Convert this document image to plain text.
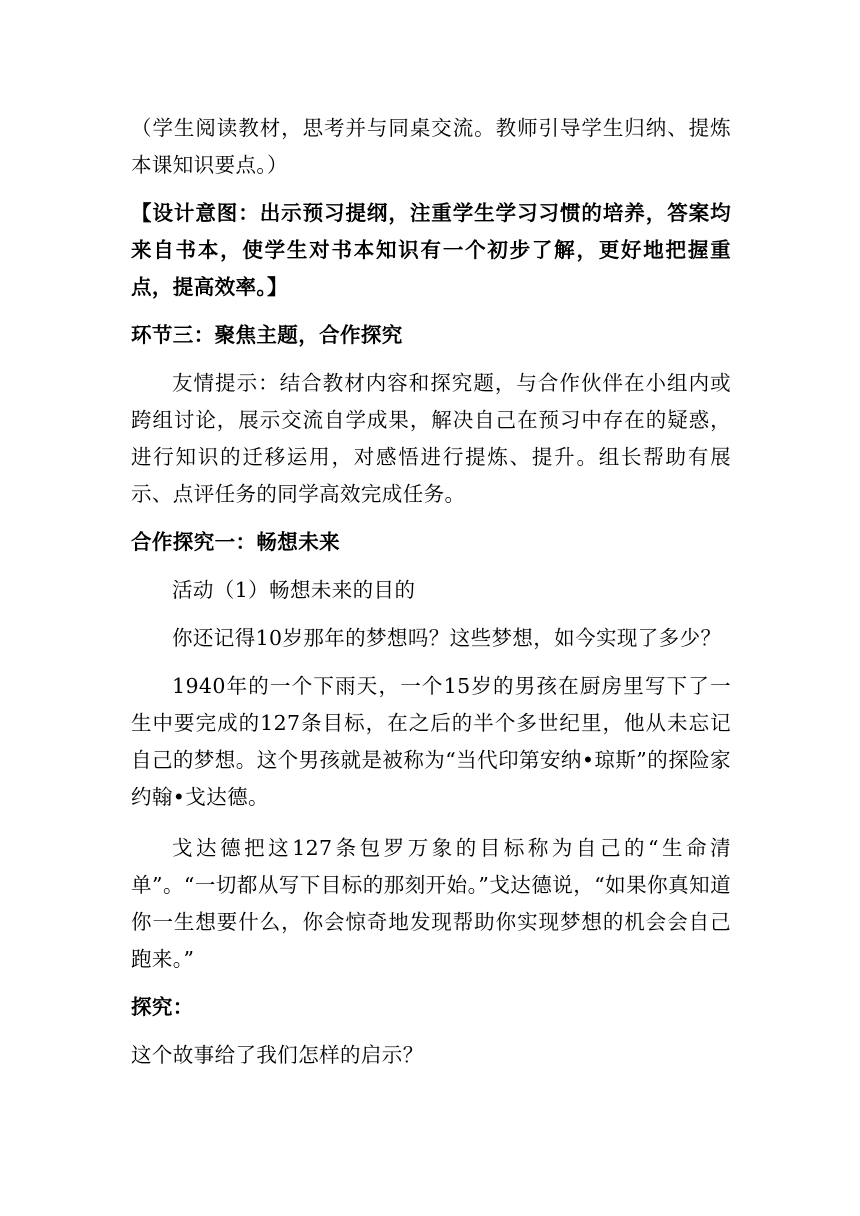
（学生阅读教材，思考并与同桌交流。教师引导学生归纳、提炼本课知识要点。）

【设计意图：出示预习提纲，注重学生学习习惯的培养，答案均来自书本，使学生对书本知识有一个初步了解，更好地把握重点，提高效率。】

环节三：聚焦主题，合作探究

友情提示：结合教材内容和探究题，与合作伙伴在小组内或跨组讨论，展示交流自学成果，解决自己在预习中存在的疑惑，进行知识的迁移运用，对感悟进行提炼、提升。组长帮助有展示、点评任务的同学高效完成任务。

合作探究一：畅想未来

活动（1）畅想未来的目的

你还记得10岁那年的梦想吗？这些梦想，如今实现了多少？

1940年的一个下雨天，一个15岁的男孩在厨房里写下了一生中要完成的127条目标，在之后的半个多世纪里，他从未忘记自己的梦想。这个男孩就是被称为“当代印第安纳•琼斯”的探险家约翰•戈达德。

戈达德把这127条包罗万象的目标称为自己的“生命清单”。“一切都从写下目标的那刻开始。”戈达德说，“如果你真知道你一生想要什么，你会惊奇地发现帮助你实现梦想的机会会自己跑来。”

探究：

这个故事给了我们怎样的启示？
